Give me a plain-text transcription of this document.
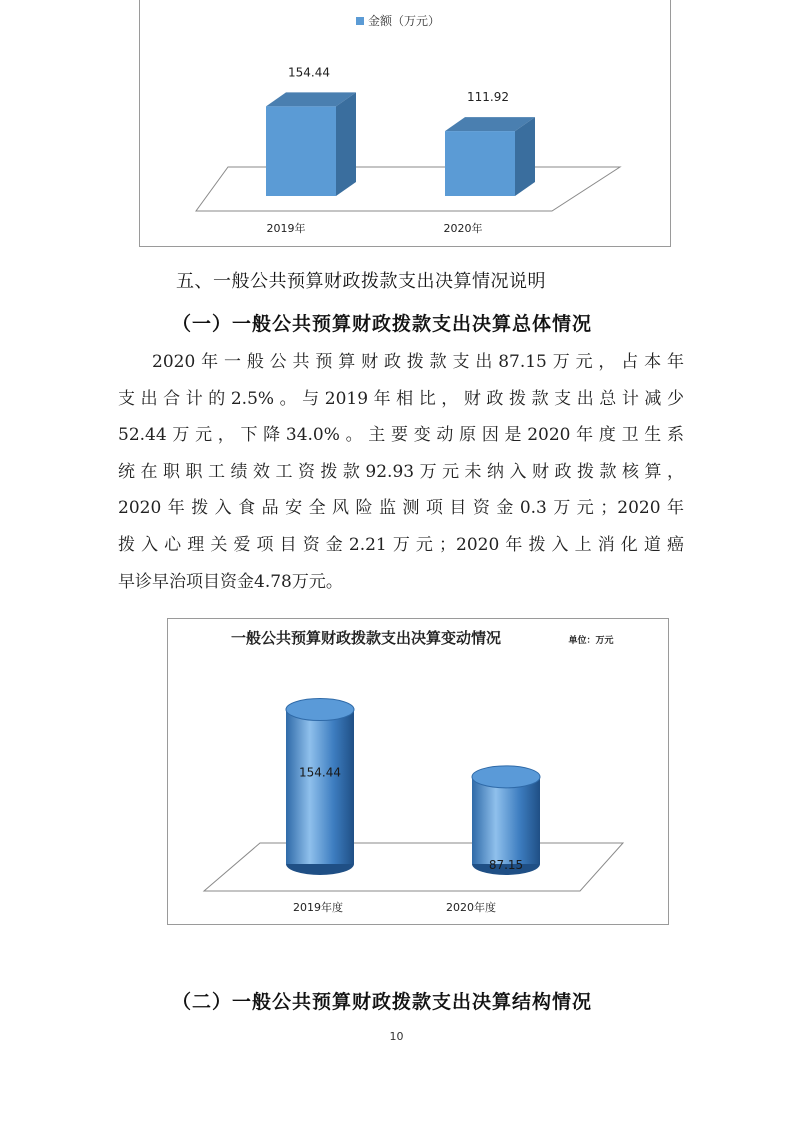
金额（万元）
154.44
111.92
2019年	2020年
五、一般公共预算财政拨款支出决算情况说明
（一）一般公共预算财政拨款支出决算总体情况
2020年一般公共预算财政拨款支出87.15万元，占本年
支出合计的2.5%。与2019年相比，财政拨款支出总计减少
52.44万元，下降34.0%。主要变动原因是2020年度卫生系
统在职职工绩效工资拨款92.93万元未纳入财政拨款核算，
2020年拨入食品安全风险监测项目资金0.3万元；2020年
拨入心理关爱项目资金2.21万元；2020年拨入上消化道癌
早诊早治项目资金4.78万元。
一般公共预算财政拨款支出决算变动情况	单位：万元
154.44
87.15
2019年度	2020年度
（二）一般公共预算财政拨款支出决算结构情况
10
